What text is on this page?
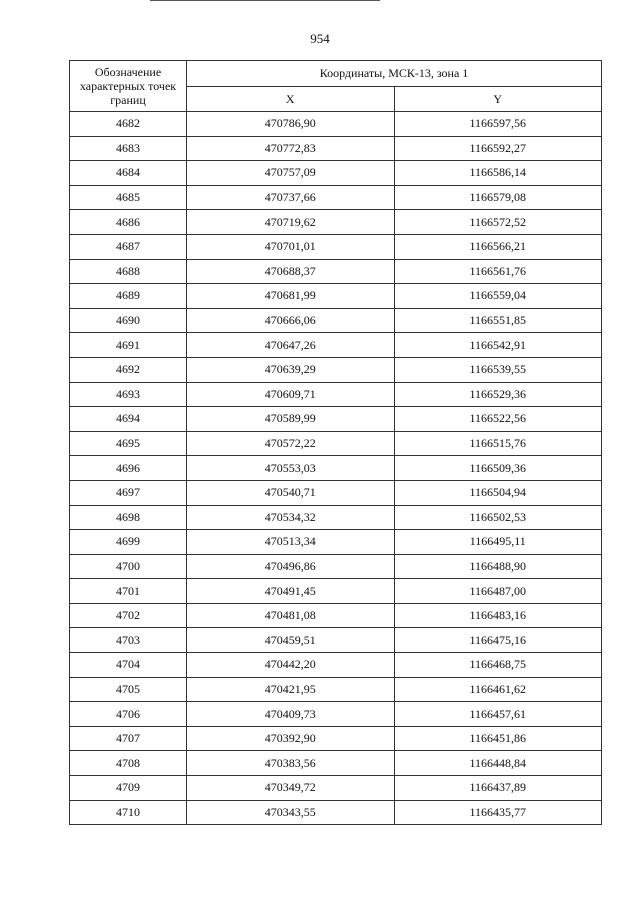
954
Обозначение характерных точек границ	Координаты, МСК-13, зона 1	
	X	Y
4682	470786,90	1166597,56
4683	470772,83	1166592,27
4684	470757,09	1166586,14
4685	470737,66	1166579,08
4686	470719,62	1166572,52
4687	470701,01	1166566,21
4688	470688,37	1166561,76
4689	470681,99	1166559,04
4690	470666,06	1166551,85
4691	470647,26	1166542,91
4692	470639,29	1166539,55
4693	470609,71	1166529,36
4694	470589,99	1166522,56
4695	470572,22	1166515,76
4696	470553,03	1166509,36
4697	470540,71	1166504,94
4698	470534,32	1166502,53
4699	470513,34	1166495,11
4700	470496,86	1166488,90
4701	470491,45	1166487,00
4702	470481,08	1166483,16
4703	470459,51	1166475,16
4704	470442,20	1166468,75
4705	470421,95	1166461,62
4706	470409,73	1166457,61
4707	470392,90	1166451,86
4708	470383,56	1166448,84
4709	470349,72	1166437,89
4710	470343,55	1166435,77
